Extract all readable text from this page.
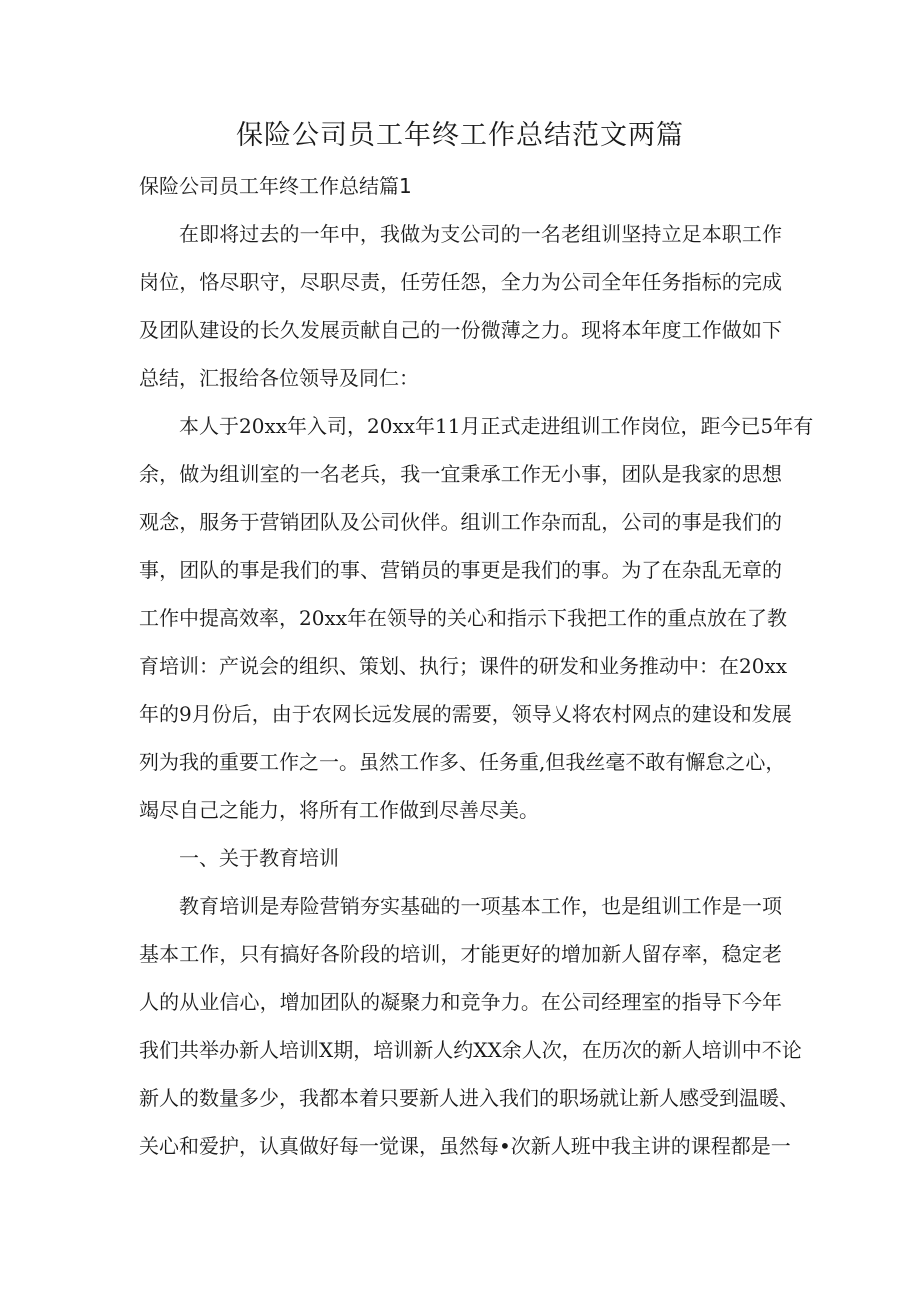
保险公司员工年终工作总结范文两篇
保险公司员工年终工作总结篇1
在即将过去的一年中，我做为支公司的一名老组训坚持立足本职工作
岗位，恪尽职守，尽职尽责，任劳任怨，全力为公司全年任务指标的完成
及团队建设的长久发展贡献自己的一份微薄之力。现将本年度工作做如下
总结，汇报给各位领导及同仁：
本人于20xx年入司，20xx年11月正式走进组训工作岗位，距今已5年有
余，做为组训室的一名老兵，我一宜秉承工作无小事，团队是我家的思想
观念，服务于营销团队及公司伙伴。组训工作杂而乱，公司的事是我们的
事，团队的事是我们的事、营销员的事更是我们的事。为了在杂乱无章的
工作中提高效率，20xx年在领导的关心和指示下我把工作的重点放在了教
育培训：产说会的组织、策划、执行；课件的研发和业务推动中：在20xx
年的9月份后，由于农网长远发展的需要，领导乂将农村网点的建设和发展
列为我的重要工作之一。虽然工作多、任务重,但我丝毫不敢有懈怠之心，
竭尽自己之能力，将所有工作做到尽善尽美。
一、关于教育培训
教育培训是寿险营销夯实基础的一项基本工作，也是组训工作是一项
基本工作，只有搞好各阶段的培训，才能更好的增加新人留存率，稳定老
人的从业信心，增加团队的凝聚力和竞争力。在公司经理室的指导下今年
我们共举办新人培训X期，培训新人约XX余人次，在历次的新人培训中不论
新人的数量多少，我都本着只要新人进入我们的职场就让新人感受到温暖、
关心和爱护，认真做好每一觉课，虽然每•次新人班中我主讲的课程都是一
